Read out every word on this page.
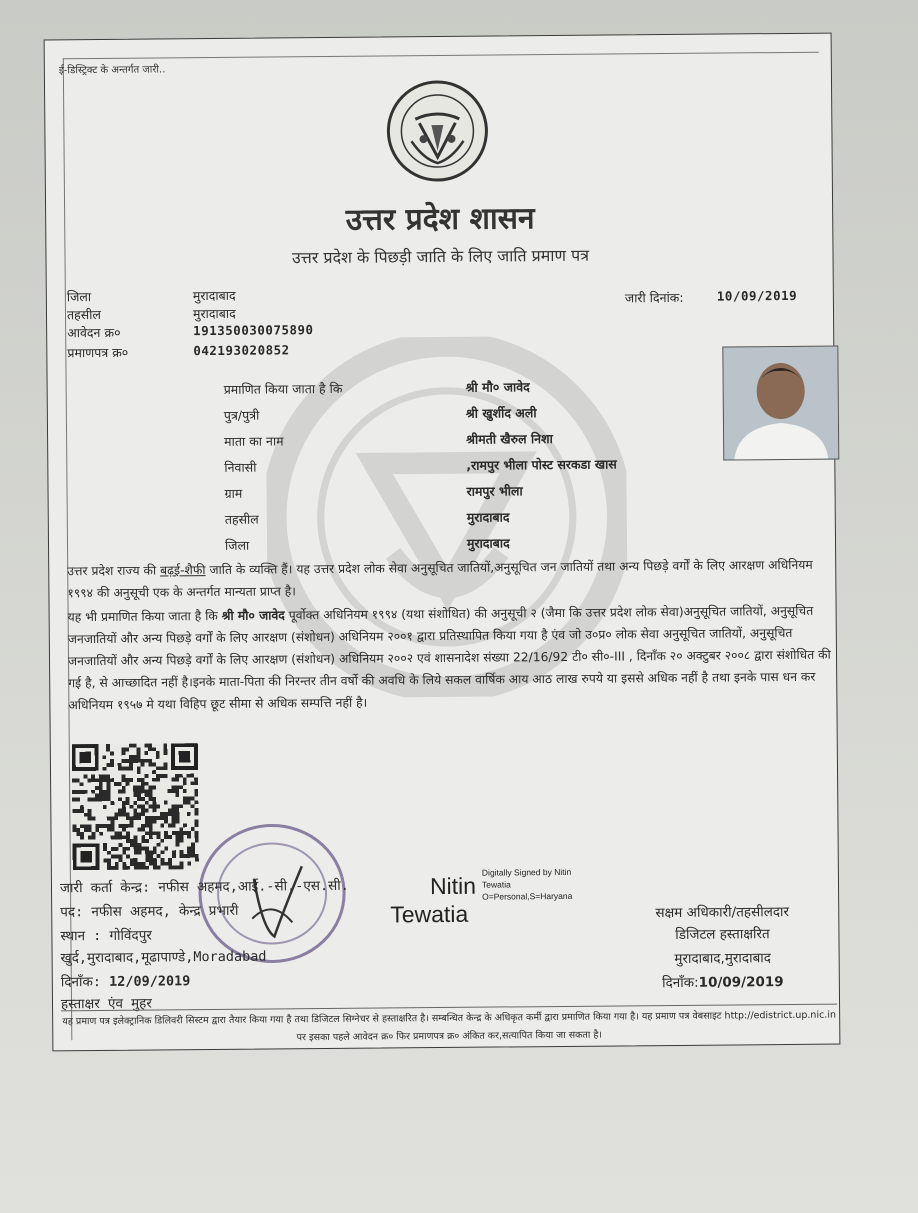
ई-डिस्ट्रिक्ट के अन्तर्गत जारी..
उत्तर प्रदेश शासन
उत्तर प्रदेश के पिछड़ी जाति के लिए जाति प्रमाण पत्र
जिला	मुरादाबाद
तहसील	मुरादाबाद
आवेदन क्र०	191350030075890
प्रमाणपत्र क्र०	042193020852
जारी दिनांक:	10/09/2019
प्रमाणित किया जाता है कि	श्री मौ० जावेद
पुत्र/पुत्री	श्री खुर्शीद अली
माता का नाम	श्रीमती खैरुल निशा
निवासी	,रामपुर भीला पोस्ट सरकडा खास
ग्राम	रामपुर भीला
तहसील	मुरादाबाद
जिला	मुरादाबाद
उत्तर प्रदेश राज्य की बढ़ई-शैफी जाति के व्यक्ति हैं। यह उत्तर प्रदेश लोक सेवा अनुसूचित जातियों,अनुसूचित जन जातियों तथा अन्य पिछड़े वर्गों के लिए आरक्षण अधिनियम १९९४ की अनुसूची एक के अन्तर्गत मान्यता प्राप्त है।
यह भी प्रमाणित किया जाता है कि श्री मौ० जावेद पूर्वोक्त अधिनियम १९९४ (यथा संशोधित) की अनुसूची २ (जैमा कि उत्तर प्रदेश लोक सेवा)अनुसूचित जातियों, अनुसूचित जनजातियों और अन्य पिछड़े वर्गों के लिए आरक्षण (संशोधन) अधिनियम २००१ द्वारा प्रतिस्थापित किया गया है एंव जो उ०प्र० लोक सेवा अनुसूचित जातियों, अनुसूचित जनजातियों और अन्य पिछड़े वर्गों के लिए आरक्षण (संशोधन) अधिनियम २००२ एवं शासनादेश संख्या 22/16/92 टी० सी०-III , दिनाँक २० अक्टुबर २००८ द्वारा संशोधित की गई है, से आच्छादित नहीं है।इनके माता-पिता की निरन्तर तीन वर्षो की अवधि के लिये सकल वार्षिक आय आठ लाख रुपये या इससे अधिक नहीं है तथा इनके पास धन कर अधिनियम १९५७ मे यथा विहिप छूट सीमा से अधिक सम्पत्ति नहीं है।
जारी कर्ता केन्द्र: नफीस अहमद,आई.-सी.-एस.सी.
पद: नफीस अहमद, केन्द्र प्रभारी
स्थान : गोविंदपुर
खुर्द,मुरादाबाद,मूढापाण्डे,Moradabad
दिनाँक: 12/09/2019
हस्ताक्षर एंव मुहर
Nitin
Tewatia
Digitally Signed by Nitin
Tewatia
O=Personal,S=Haryana
सक्षम अधिकारी/तहसीलदार
डिजिटल हस्ताक्षरित
मुरादाबाद,मुरादाबाद
दिनाँक:10/09/2019
यह प्रमाण पत्र इलेक्ट्रानिक डिलिवरी सिस्टम द्वारा तैयार किया गया है तथा डिजिटल सिग्नेचर से हस्ताक्षरित है। सम्बन्धित केन्द्र के अधिकृत कर्मी द्वारा प्रमाणित किया गया है। यह प्रमाण पत्र वेबसाइट http://edistrict.up.nic.in पर इसका पहले आवेदन क्र० फिर प्रमाणपत्र क्र० अंकित कर,सत्यापित किया जा सकता है।
